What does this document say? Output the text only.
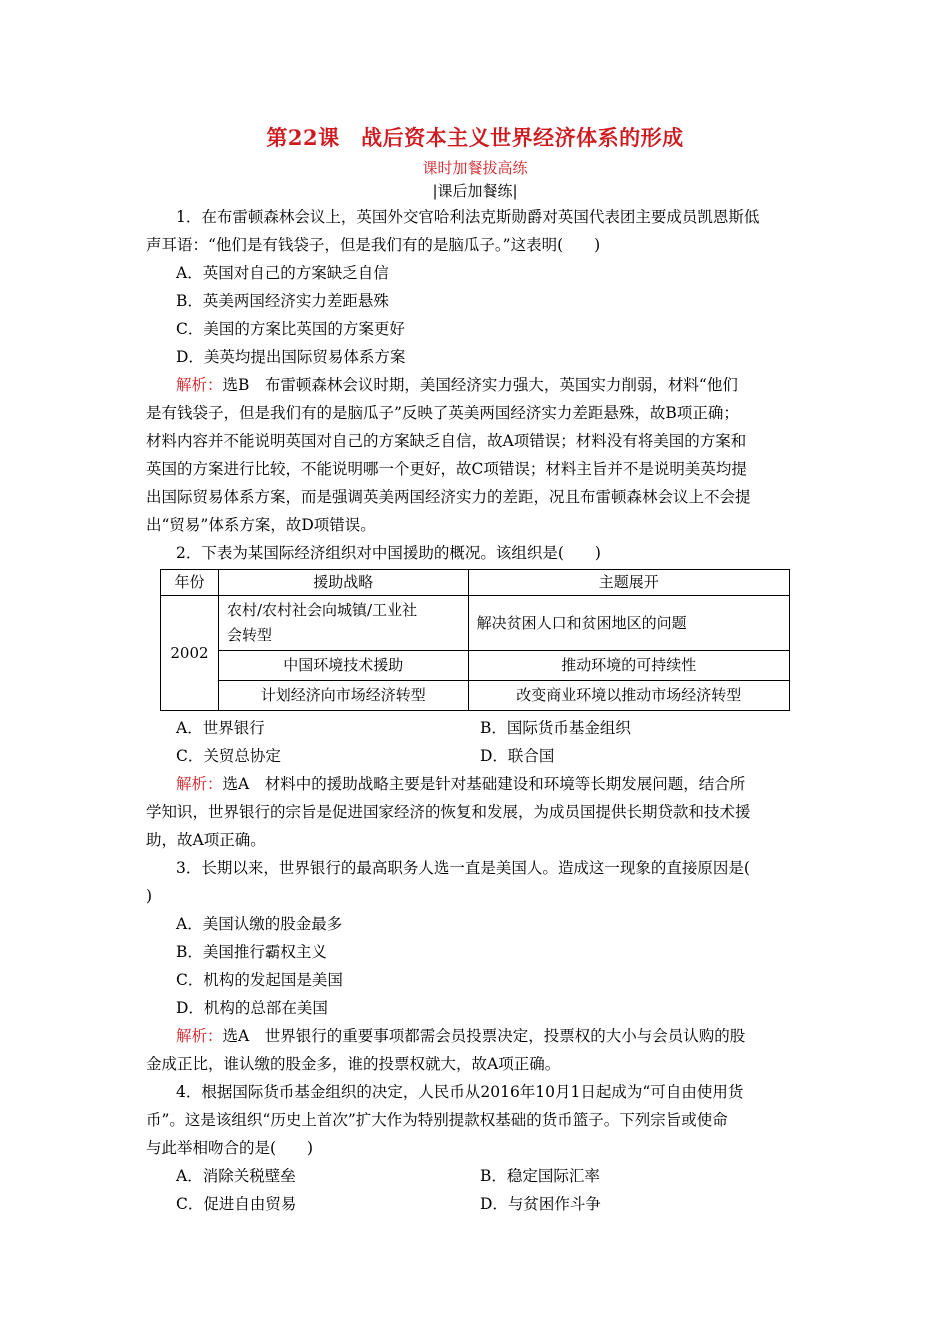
第22课　战后资本主义世界经济体系的形成
课时加餐拔高练
|课后加餐练|
1．在布雷顿森林会议上，英国外交官哈利法克斯勋爵对英国代表团主要成员凯恩斯低
声耳语：“他们是有钱袋子，但是我们有的是脑瓜子。”这表明(　　)
A．英国对自己的方案缺乏自信
B．英美两国经济实力差距悬殊
C．美国的方案比英国的方案更好
D．美英均提出国际贸易体系方案
解析：选B　布雷顿森林会议时期，美国经济实力强大，英国实力削弱，材料“他们
是有钱袋子，但是我们有的是脑瓜子”反映了英美两国经济实力差距悬殊，故B项正确；
材料内容并不能说明英国对自己的方案缺乏自信，故A项错误；材料没有将美国的方案和
英国的方案进行比较，不能说明哪一个更好，故C项错误；材料主旨并不是说明美英均提
出国际贸易体系方案，而是强调英美两国经济实力的差距，况且布雷顿森林会议上不会提
出“贸易”体系方案，故D项错误。
2．下表为某国际经济组织对中国援助的概况。该组织是(　　)
年份	援助战略	主题展开
2002	农村/农村社会向城镇/工业社
会转型	解决贫困人口和贫困地区的问题
	中国环境技术援助	推动环境的可持续性
	计划经济向市场经济转型	改变商业环境以推动市场经济转型
A．世界银行	B．国际货币基金组织
C．关贸总协定	D．联合国
解析：选A　材料中的援助战略主要是针对基础建设和环境等长期发展问题，结合所
学知识，世界银行的宗旨是促进国家经济的恢复和发展，为成员国提供长期贷款和技术援
助，故A项正确。
3．长期以来，世界银行的最高职务人选一直是美国人。造成这一现象的直接原因是(
)
A．美国认缴的股金最多
B．美国推行霸权主义
C．机构的发起国是美国
D．机构的总部在美国
解析：选A　世界银行的重要事项都需会员投票决定，投票权的大小与会员认购的股
金成正比，谁认缴的股金多，谁的投票权就大，故A项正确。
4．根据国际货币基金组织的决定，人民币从2016年10月1日起成为“可自由使用货
币”。这是该组织“历史上首次”扩大作为特别提款权基础的货币篮子。下列宗旨或使命
与此举相吻合的是(　　)
A．消除关税壁垒	B．稳定国际汇率
C．促进自由贸易	D．与贫困作斗争
